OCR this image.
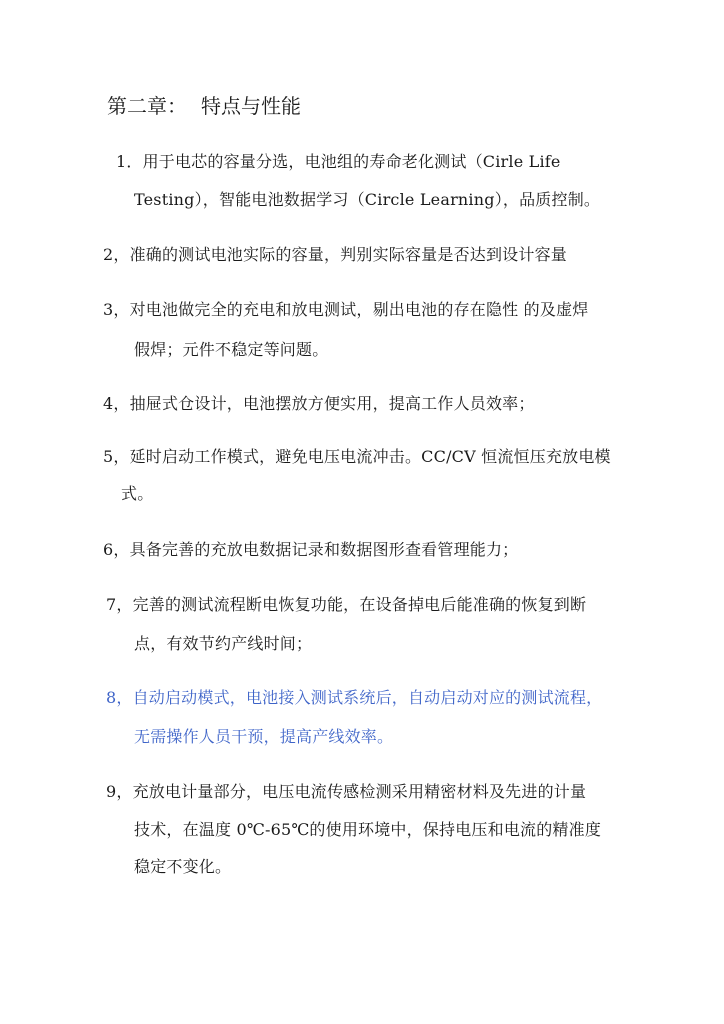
第二章： 特点与性能
1．用于电芯的容量分选，电池组的寿命老化测试（Cirle Life
Testing），智能电池数据学习（Circle Learning），品质控制。
2，准确的测试电池实际的容量，判别实际容量是否达到设计容量
3，对电池做完全的充电和放电测试，剔出电池的存在隐性 的及虚焊
假焊；元件不稳定等问题。
4，抽屉式仓设计，电池摆放方便实用，提高工作人员效率；
5，延时启动工作模式，避免电压电流冲击。CC/CV 恒流恒压充放电模
式。
6，具备完善的充放电数据记录和数据图形查看管理能力；
7，完善的测试流程断电恢复功能，在设备掉电后能准确的恢复到断
点，有效节约产线时间；
8，自动启动模式，电池接入测试系统后，自动启动对应的测试流程，
无需操作人员干预，提高产线效率。
9，充放电计量部分，电压电流传感检测采用精密材料及先进的计量
技术，在温度 0℃-65℃的使用环境中，保持电压和电流的精准度
稳定不变化。
